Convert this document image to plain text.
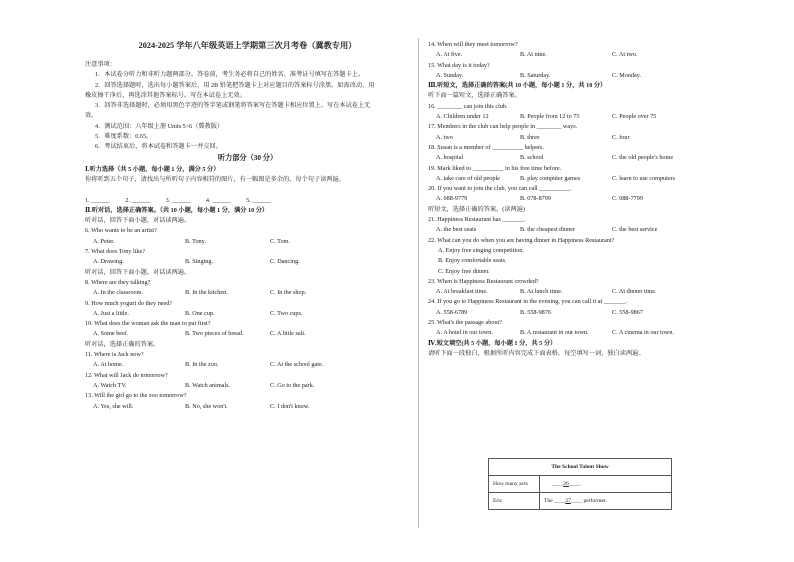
2024-2025 学年八年级英语上学期第三次月考卷（冀教专用）
注意事项：
1．本试卷分听力和非听力题两部分。答卷前，考生务必将自己的姓名、准考证号填写在答题卡上。
2．回答选择题时，选出每小题答案后，用 2B 铅笔把答题卡上对应题目的答案标号涂黑。如需改动，用
橡皮擦干净后，再选涂其他答案标号。写在本试卷上无效。
3．回答非选择题时，必须用黑色字迹的签字笔或钢笔将答案写在答题卡相应位置上。写在本试卷上无
效。
4．测试范围：八年级上册 Units 5~6（冀教版）
5．难度系数：0.65。
6．考试结束后，将本试卷和答题卡一并交回。
听力部分（30 分）
Ⅰ.听力选择（共 5 小题，每小题 1 分，满分 5 分）
你将听到五个句子，请找出与所听句子内容相符的图片，有一幅图是多余的。每个句子读两遍。
1. ______	2. ______	3. ______	4. ______	5. ______
Ⅱ.听对话，选择正确答案。（共 10 小题，每小题 1 分，满分 10 分）
听对话，回答下面小题，对话读两遍。
6. Who wants to be an artist?
A. Peter.	B. Tony.	C. Tom.
7. What does Tony like?
A. Drawing.	B. Singing.	C. Dancing.
听对话，回答下面小题，对话读两遍。
8. Where are they talking?
A. In the classroom.	B. In the kitchen.	C. In the shop.
9. How much yogurt do they need?
A. Just a little.	B. One cup.	C. Two cups.
10. What does the woman ask the man to put first?
A. Some beef.	B. Two pieces of bread.	C. A little salt.
听对话，选择正确的答案。
11. Where is Jack now?
A. At home.	B. In the zoo.	C. At the school gate.
12. What will Jack do tomorrow?
A. Watch TV.	B. Watch animals.	C. Go to the park.
13. Will the girl go to the zoo tomorrow?
A. Yes, she will.	B. No, she won't.	C. I don't know.
14. When will they meet tomorrow?
A. At five.	B. At nine.	C. At two.
15. What day is it today?
A. Sunday.	B. Saturday.	C. Monday.
Ⅲ.听短文，选择正确的答案(共 10 小题，每小题 1 分，共 10 分）
听下面一篇短文，选择正确答案。
16. ________ can join this club.
A. Children under 12	B. People from 12 to 75	C. People over 75
17. Members in the club can help people in ________ ways.
A. two	B. three	C. four
18. Susan is a member of __________ helpers.
A. hospital	B. school	C. the old people's home
19. Mark liked to __________ in his free time before.
A. take care of old people	B. play computer games	C. learn to use computers
20. If you want to join the club, you can call __________.
A. 088-9779	B. 078-8799	C. 088-7799
听短文，选择正确的答案。(读两遍)
21. Happiness Restaurant has _______.
A. the best seats	B. the cheapest dinner	C. the best service
22. What can you do when you are having dinner in Happiness Restaurant?
A. Enjoy free singing competition.
B. Enjoy comfortable seats.
C. Enjoy free dinner.
23. When is Happiness Restaurant crowded?
A. At breakfast time.	B. At lunch time.	C. At dinner time.
24. If you go to Happiness Restaurant in the evening, you can call it at _______.
A. 558-6789	B. 558-9876	C. 558-9867
25. What's the passage about?
A. A hotel in our town.	B. A restaurant in our town.	C. A cinema in our town.
Ⅳ.短文填空(共 5 小题，每小题 1 分，共 5 分）
请听下面一段独白，根据所听内容完成下面表格，每空填写一词，独白读两遍。
The School Talent Show	
How many acts	____26____.
Eric	The ____27____ performer.
